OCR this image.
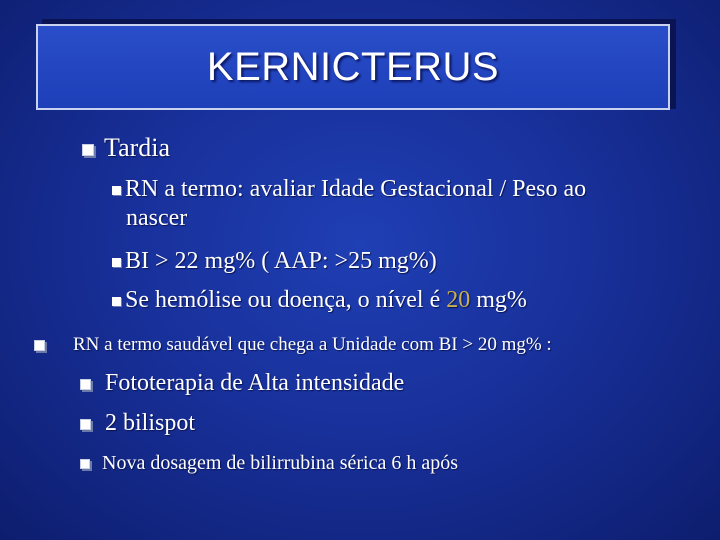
KERNICTERUS
Tardia
RN a termo: avaliar Idade Gestacional / Peso ao
nascer
BI > 22 mg% ( AAP: >25 mg%)
Se hemólise ou doença, o nível é 20 mg%
RN a termo saudável que chega a Unidade com BI > 20 mg% :
Fototerapia de Alta intensidade
2 bilispot
Nova dosagem de bilirrubina sérica 6 h após
